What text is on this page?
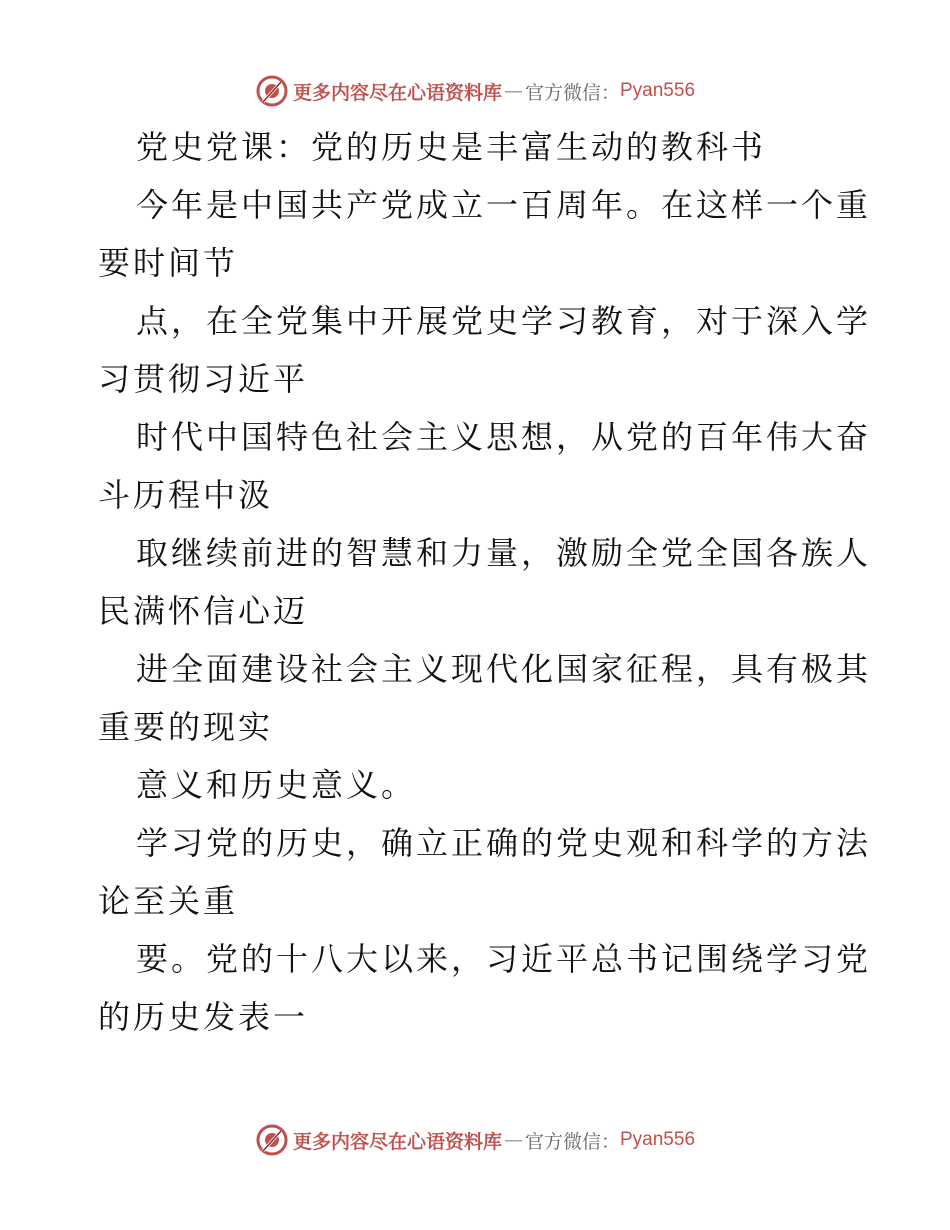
更多内容尽在心语资料库 — 官方微信： Pyan556
党史党课：党的历史是丰富生动的教科书
今年是中国共产党成立一百周年。在这样一个重
要时间节
点，在全党集中开展党史学习教育，对于深入学
习贯彻习近平
时代中国特色社会主义思想，从党的百年伟大奋
斗历程中汲
取继续前进的智慧和力量，激励全党全国各族人
民满怀信心迈
进全面建设社会主义现代化国家征程，具有极其
重要的现实
意义和历史意义。
学习党的历史，确立正确的党史观和科学的方法
论至关重
要。党的十八大以来，习近平总书记围绕学习党
的历史发表一
更多内容尽在心语资料库 — 官方微信： Pyan556
